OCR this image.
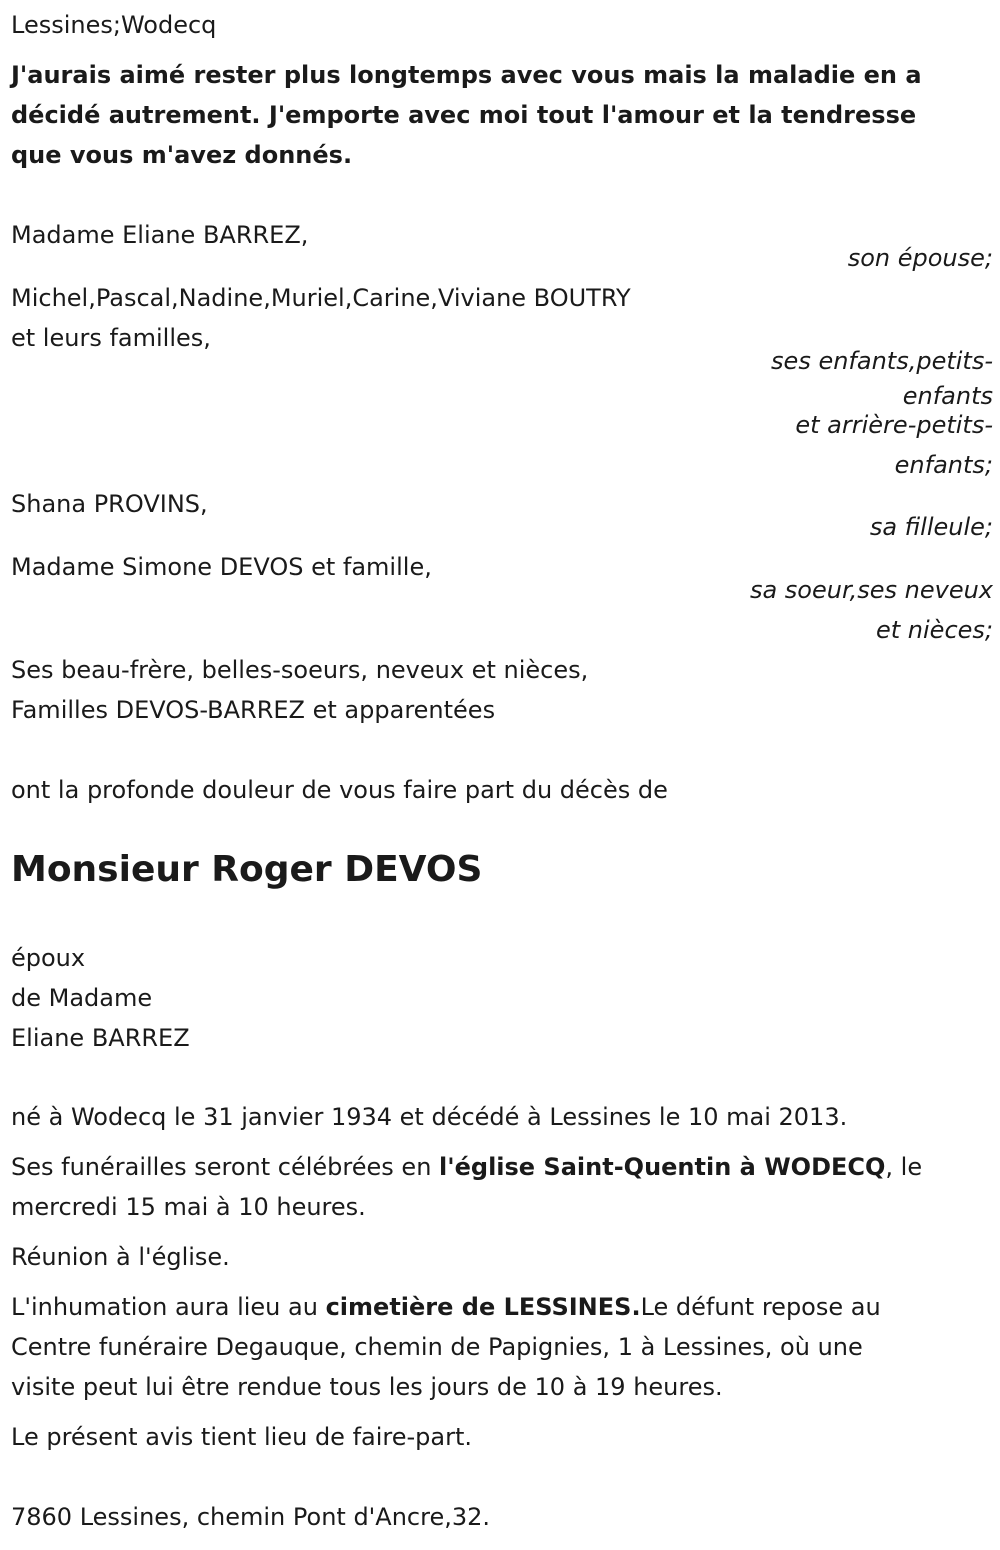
Lessines;Wodecq
J'aurais aimé rester plus longtemps avec vous mais la maladie en a
décidé autrement. J'emporte avec moi tout l'amour et la tendresse
que vous m'avez donnés.
Madame Eliane BARREZ,
son épouse;
Michel,Pascal,Nadine,Muriel,Carine,Viviane BOUTRY
et leurs familles,
ses enfants,petits-
enfants
et arrière-petits-
enfants;
Shana PROVINS,
sa filleule;
Madame Simone DEVOS et famille,
sa soeur,ses neveux
et nièces;
Ses beau-frère, belles-soeurs, neveux et nièces,
Familles DEVOS-BARREZ et apparentées
ont la profonde douleur de vous faire part du décès de
Monsieur Roger DEVOS
époux
de Madame
Eliane BARREZ
né à Wodecq le 31 janvier 1934 et décédé à Lessines le 10 mai 2013.
Ses funérailles seront célébrées en l'église Saint-Quentin à WODECQ, le
mercredi 15 mai à 10 heures.
Réunion à l'église.
L'inhumation aura lieu au cimetière de LESSINES.Le défunt repose au
Centre funéraire Degauque, chemin de Papignies, 1 à Lessines, où une
visite peut lui être rendue tous les jours de 10 à 19 heures.
Le présent avis tient lieu de faire-part.
7860 Lessines, chemin Pont d'Ancre,32.
